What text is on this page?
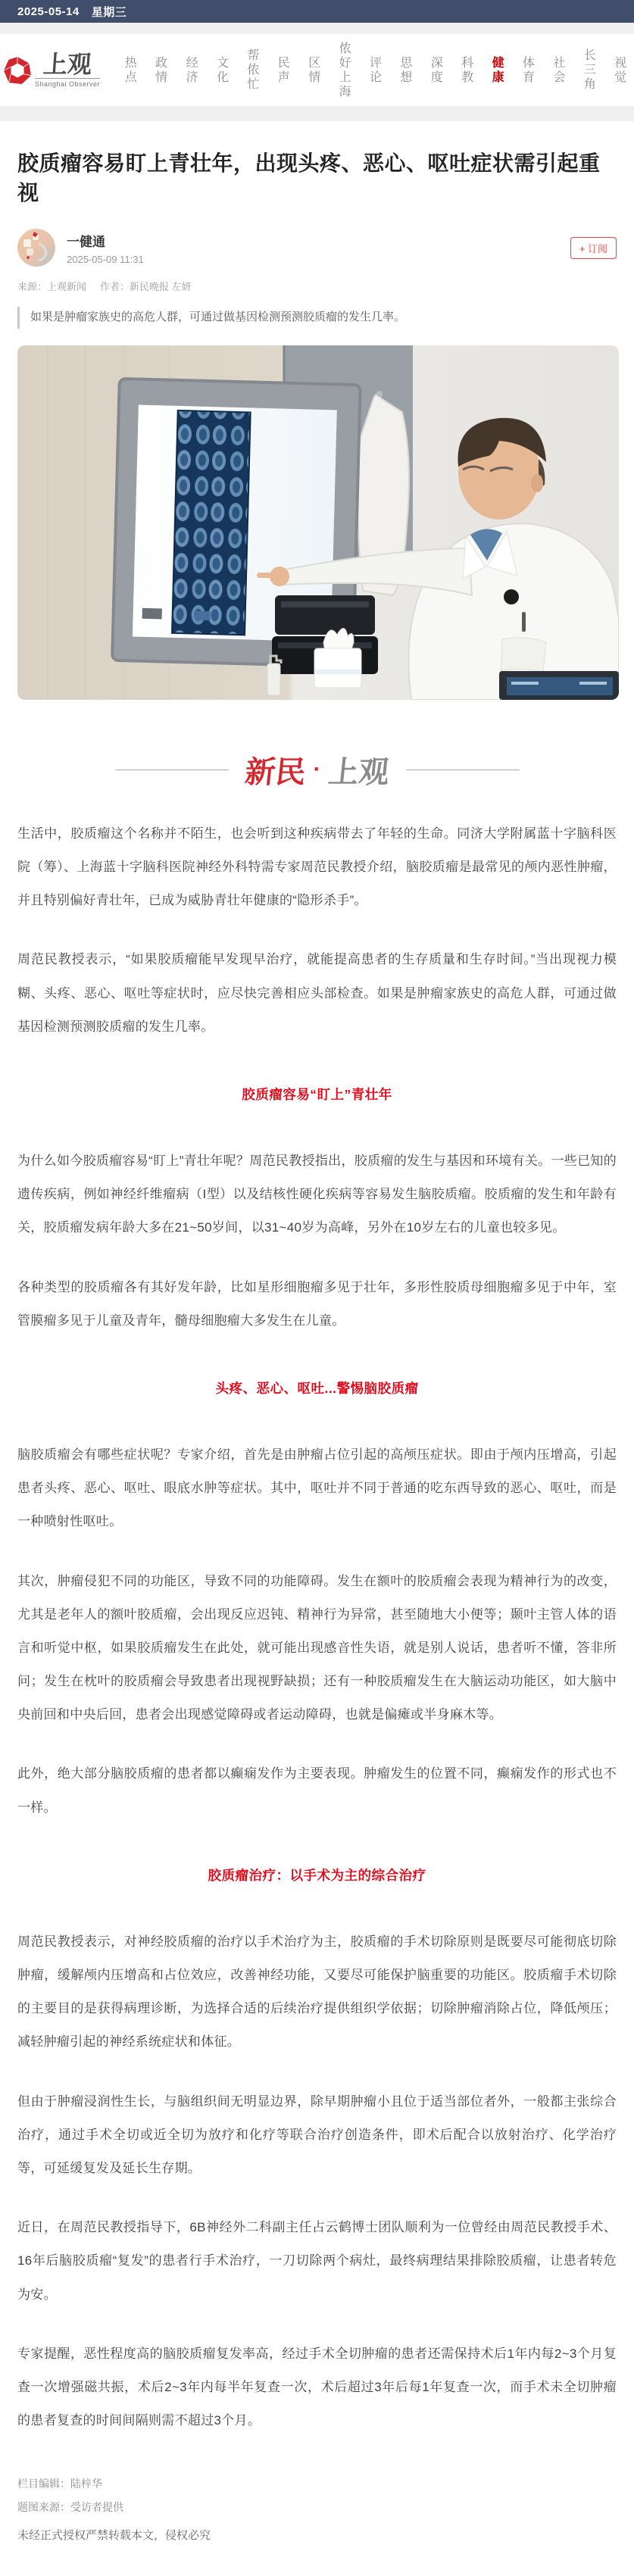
2025-05-14 星期三
上观
Shanghai Observer 热点 政情 经济 文化 帮侬忙 民声 区情 侬好上海 评论 思想 深度 科教 健康 体育 社会 长三角 视觉
胶质瘤容易盯上青壮年，出现头疼、恶心、呕吐症状需引起重视
一健通
2025-05-09 11:31
+ 订阅
来源：上观新闻 作者：新民晚报 左妍
如果是肿瘤家族史的高危人群，可通过做基因检测预测胶质瘤的发生几率。
新民 · 上观

生活中，胶质瘤这个名称并不陌生，也会听到这种疾病带去了年轻的生命。同济大学附属蓝十字脑科医院（筹）、上海蓝十字脑科医院神经外科特需专家周范民教授介绍，脑胶质瘤是最常见的颅内恶性肿瘤，并且特别偏好青壮年，已成为威胁青壮年健康的“隐形杀手”。

周范民教授表示，“如果胶质瘤能早发现早治疗，就能提高患者的生存质量和生存时间。”当出现视力模糊、头疼、恶心、呕吐等症状时，应尽快完善相应头部检查。如果是肿瘤家族史的高危人群，可通过做基因检测预测胶质瘤的发生几率。

胶质瘤容易“盯上”青壮年

为什么如今胶质瘤容易“盯上”青壮年呢？周范民教授指出，胶质瘤的发生与基因和环境有关。一些已知的遗传疾病，例如神经纤维瘤病（I型）以及结核性硬化疾病等容易发生脑胶质瘤。胶质瘤的发生和年龄有关，胶质瘤发病年龄大多在21~50岁间，以31~40岁为高峰，另外在10岁左右的儿童也较多见。

各种类型的胶质瘤各有其好发年龄，比如星形细胞瘤多见于壮年，多形性胶质母细胞瘤多见于中年，室管膜瘤多见于儿童及青年，髓母细胞瘤大多发生在儿童。

头疼、恶心、呕吐...警惕脑胶质瘤

脑胶质瘤会有哪些症状呢？专家介绍，首先是由肿瘤占位引起的高颅压症状。即由于颅内压增高，引起患者头疼、恶心、呕吐、眼底水肿等症状。其中，呕吐并不同于普通的吃东西导致的恶心、呕吐，而是一种喷射性呕吐。

其次，肿瘤侵犯不同的功能区，导致不同的功能障碍。发生在额叶的胶质瘤会表现为精神行为的改变，尤其是老年人的额叶胶质瘤，会出现反应迟钝、精神行为异常，甚至随地大小便等；颞叶主管人体的语言和听觉中枢，如果胶质瘤发生在此处，就可能出现感音性失语，就是别人说话，患者听不懂，答非所问；发生在枕叶的胶质瘤会导致患者出现视野缺损；还有一种胶质瘤发生在大脑运动功能区，如大脑中央前回和中央后回，患者会出现感觉障碍或者运动障碍，也就是偏瘫或半身麻木等。

此外，绝大部分脑胶质瘤的患者都以癫痫发作为主要表现。肿瘤发生的位置不同，癫痫发作的形式也不一样。

胶质瘤治疗：以手术为主的综合治疗

周范民教授表示，对神经胶质瘤的治疗以手术治疗为主，胶质瘤的手术切除原则是既要尽可能彻底切除肿瘤，缓解颅内压增高和占位效应，改善神经功能，又要尽可能保护脑重要的功能区。胶质瘤手术切除的主要目的是获得病理诊断，为选择合适的后续治疗提供组织学依据；切除肿瘤消除占位，降低颅压；减轻肿瘤引起的神经系统症状和体征。

但由于肿瘤浸润性生长，与脑组织间无明显边界，除早期肿瘤小且位于适当部位者外，一般都主张综合治疗，通过手术全切或近全切为放疗和化疗等联合治疗创造条件，即术后配合以放射治疗、化学治疗等，可延缓复发及延长生存期。

近日，在周范民教授指导下，6B神经外二科副主任占云鹤博士团队顺利为一位曾经由周范民教授手术、16年后脑胶质瘤“复发”的患者行手术治疗，一刀切除两个病灶，最终病理结果排除胶质瘤，让患者转危为安。

专家提醒，恶性程度高的脑胶质瘤复发率高，经过手术全切肿瘤的患者还需保持术后1年内每2~3个月复查一次增强磁共振，术后2~3年内每半年复查一次，术后超过3年后每1年复查一次，而手术未全切肿瘤的患者复查的时间间隔则需不超过3个月。

栏目编辑：陆梓华
题图来源：受访者提供
未经正式授权严禁转载本文，侵权必究
